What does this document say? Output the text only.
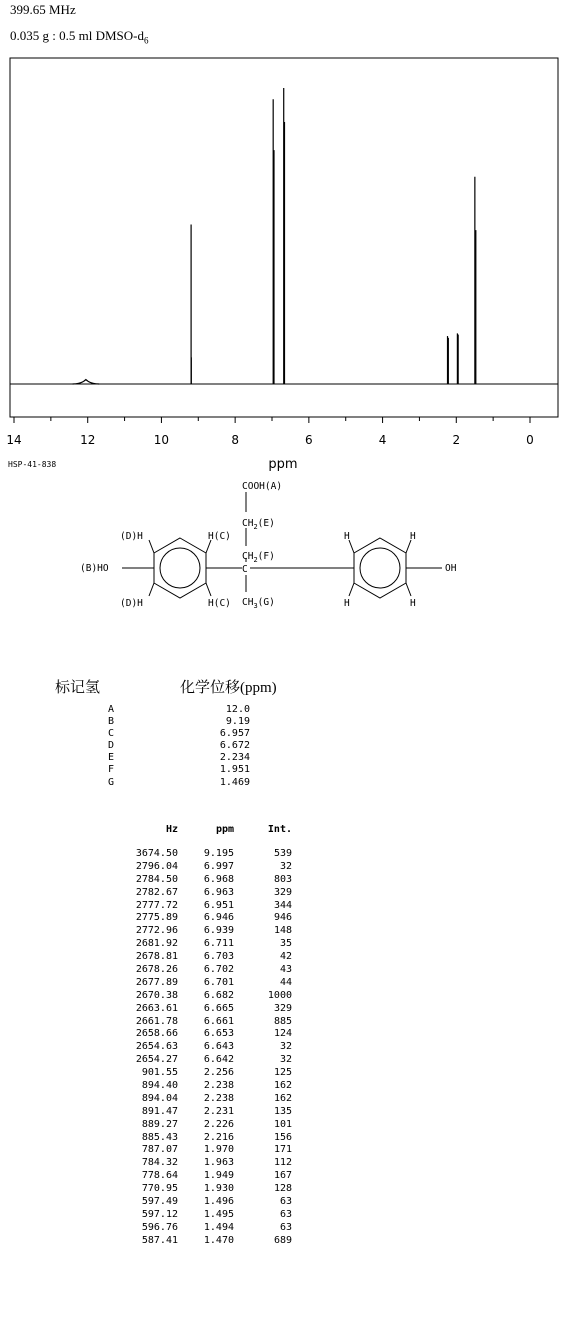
399.65 MHz
0.035 g : 0.5 ml DMSO-$d_6$
14	12	10	8	6	4	2	0
ppm
HSP-41-838
COOH(A)
$CH_2(E)$
$CH_2(F)$
C
$CH_3(G)$
(B)HO	OH
(D)H	H(C)
(D)H	H(C)
H	H
H	H
标记氢	化学位移(ppm)
A	12.0
B	9.19
C	6.957
D	6.672
E	2.234
F	1.951
G	1.469
Hz	ppm	Int.
3674.50	9.195	539
2796.04	6.997	32
2784.50	6.968	803
2782.67	6.963	329
2777.72	6.951	344
2775.89	6.946	946
2772.96	6.939	148
2681.92	6.711	35
2678.81	6.703	42
2678.26	6.702	43
2677.89	6.701	44
2670.38	6.682	1000
2663.61	6.665	329
2661.78	6.661	885
2658.66	6.653	124
2654.63	6.643	32
2654.27	6.642	32
901.55	2.256	125
894.40	2.238	162
894.04	2.238	162
891.47	2.231	135
889.27	2.226	101
885.43	2.216	156
787.07	1.970	171
784.32	1.963	112
778.64	1.949	167
770.95	1.930	128
597.49	1.496	63
597.12	1.495	63
596.76	1.494	63
587.41	1.470	689
